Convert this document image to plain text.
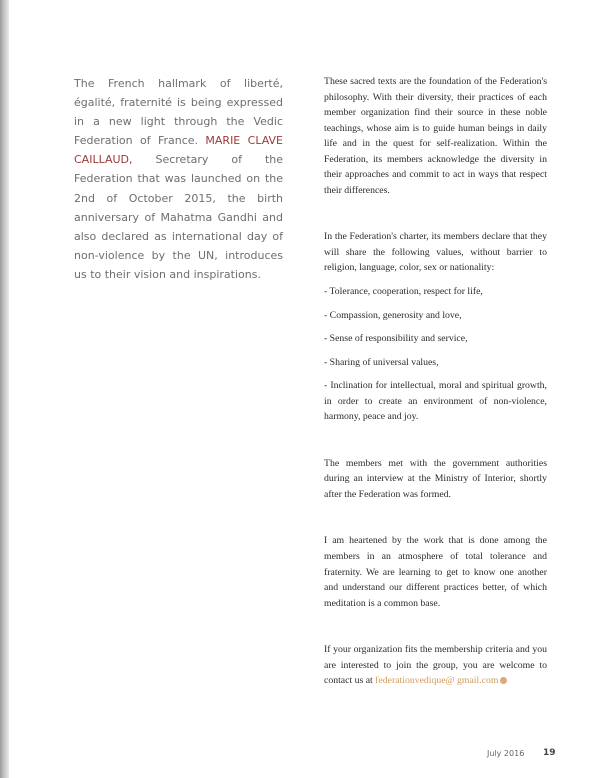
The French hallmark of liberté, égalité, fraternité is being expressed in a new light through the Vedic Federation of France. MARIE CLAVE CAILLAUD, Secretary of the Federation that was launched on the 2nd of October 2015, the birth anniversary of Mahatma Gandhi and also declared as international day of non-violence by the UN, introduces us to their vision and inspirations.

These sacred texts are the foundation of the Federation's philosophy. With their diversity, their practices of each member organization find their source in these noble teachings, whose aim is to guide human beings in daily life and in the quest for self-realization. Within the Federation, its members acknowledge the diversity in their approaches and commit to act in ways that respect their differences.

In the Federation's charter, its members declare that they will share the following values, without barrier to religion, language, color, sex or nationality:

- Tolerance, cooperation, respect for life,

- Compassion, generosity and love,

- Sense of responsibility and service,

- Sharing of universal values,

- Inclination for intellectual, moral and spiritual growth, in order to create an environment of non-violence, harmony, peace and joy.

The members met with the government authorities during an interview at the Ministry of Interior, shortly after the Federation was formed.

I am heartened by the work that is done among the members in an atmosphere of total tolerance and fraternity. We are learning to get to know one another and understand our different practices better, of which meditation is a common base.

If your organization fits the membership criteria and you are interested to join the group, you are welcome to contact us at federationvedique@ gmail.com

July 2016 19
